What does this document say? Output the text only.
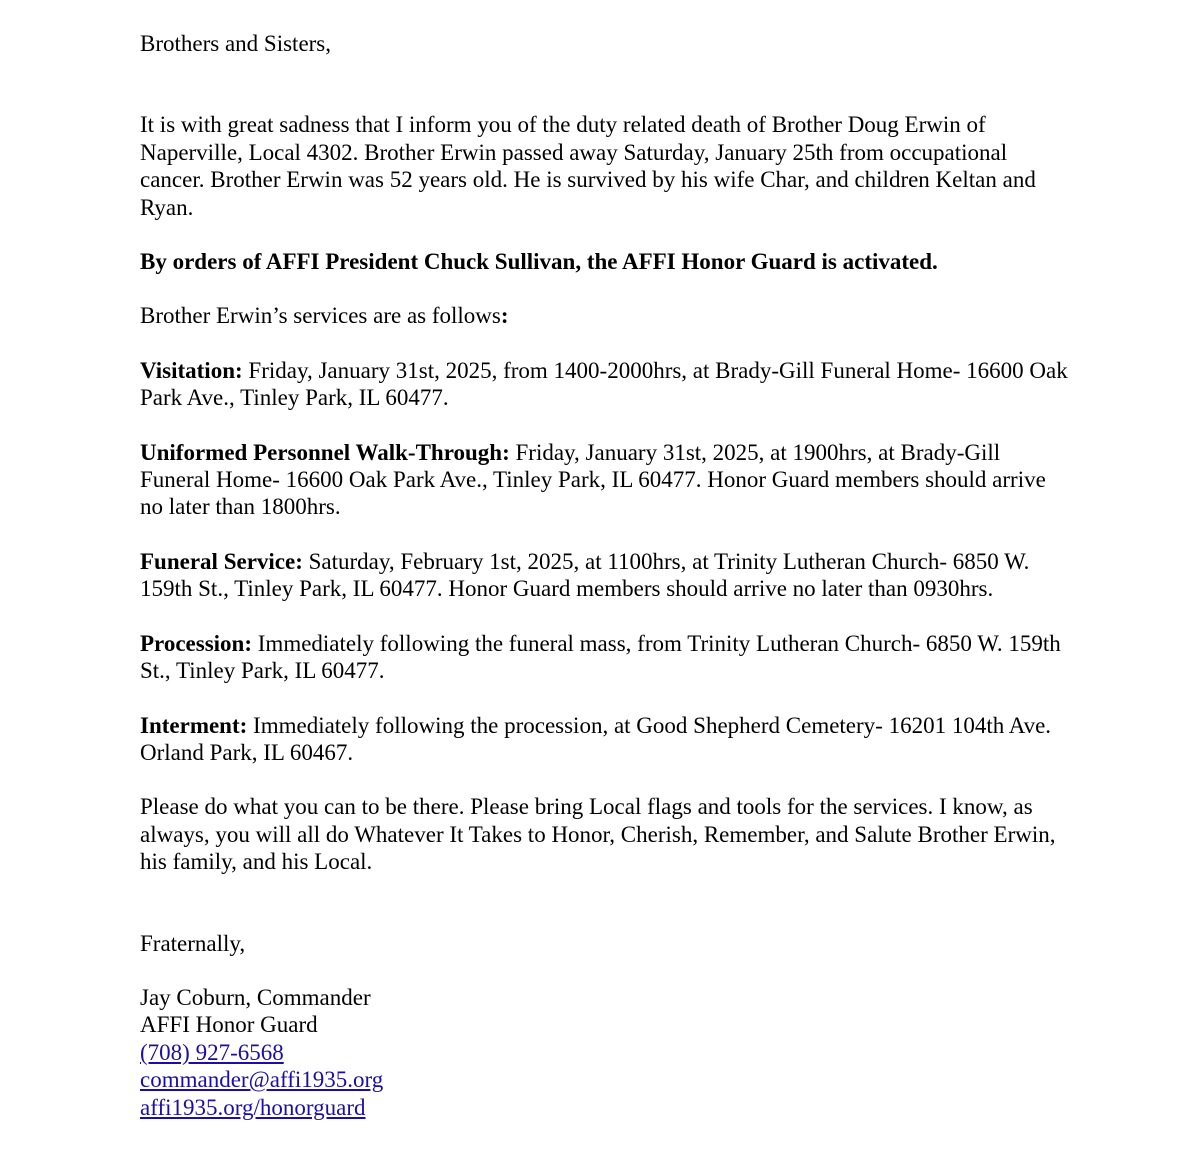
Brothers and Sisters,

It is with great sadness that I inform you of the duty related death of Brother Doug Erwin of Naperville, Local 4302. Brother Erwin passed away Saturday, January 25th from occupational cancer. Brother Erwin was 52 years old. He is survived by his wife Char, and children Keltan and Ryan.

By orders of AFFI President Chuck Sullivan, the AFFI Honor Guard is activated.

Brother Erwin’s services are as follows:

Visitation: Friday, January 31st, 2025, from 1400-2000hrs, at Brady-Gill Funeral Home- 16600 Oak Park Ave., Tinley Park, IL 60477.

Uniformed Personnel Walk-Through: Friday, January 31st, 2025, at 1900hrs, at Brady-Gill Funeral Home- 16600 Oak Park Ave., Tinley Park, IL 60477. Honor Guard members should arrive no later than 1800hrs.

Funeral Service: Saturday, February 1st, 2025, at 1100hrs, at Trinity Lutheran Church- 6850 W. 159th St., Tinley Park, IL 60477. Honor Guard members should arrive no later than 0930hrs.

Procession: Immediately following the funeral mass, from Trinity Lutheran Church- 6850 W. 159th St., Tinley Park, IL 60477.

Interment: Immediately following the procession, at Good Shepherd Cemetery- 16201 104th Ave. Orland Park, IL 60467.

Please do what you can to be there. Please bring Local flags and tools for the services. I know, as always, you will all do Whatever It Takes to Honor, Cherish, Remember, and Salute Brother Erwin, his family, and his Local.

Fraternally,

Jay Coburn, Commander
AFFI Honor Guard
(708) 927-6568
commander@affi1935.org
affi1935.org/honorguard
